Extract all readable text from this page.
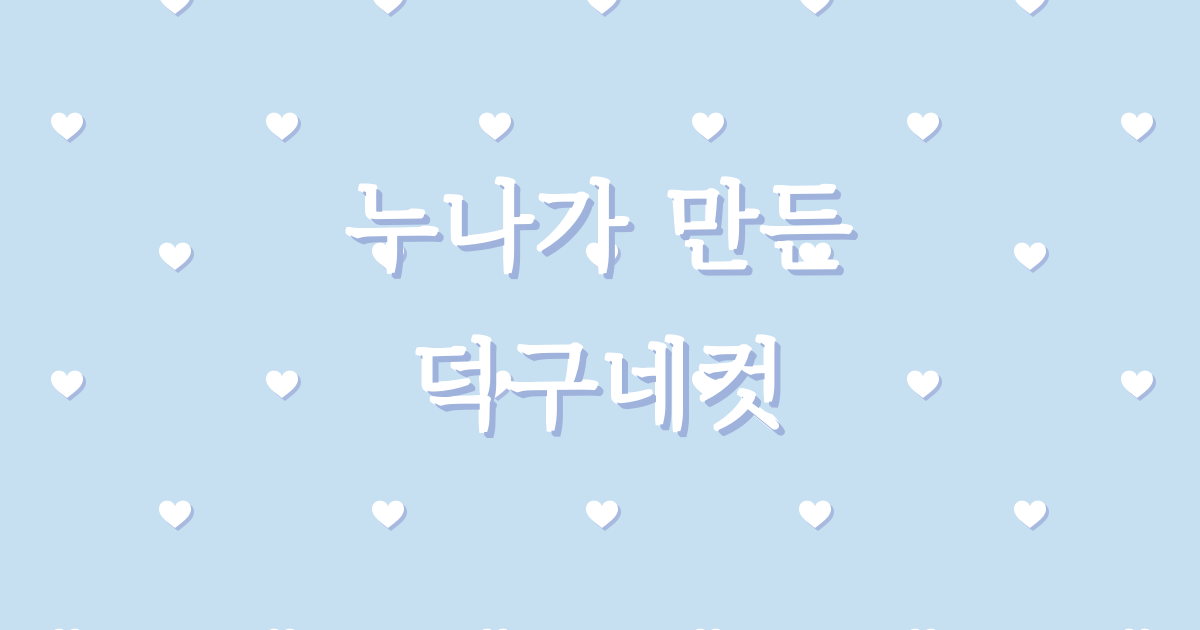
누나가 만든
덕구네컷
